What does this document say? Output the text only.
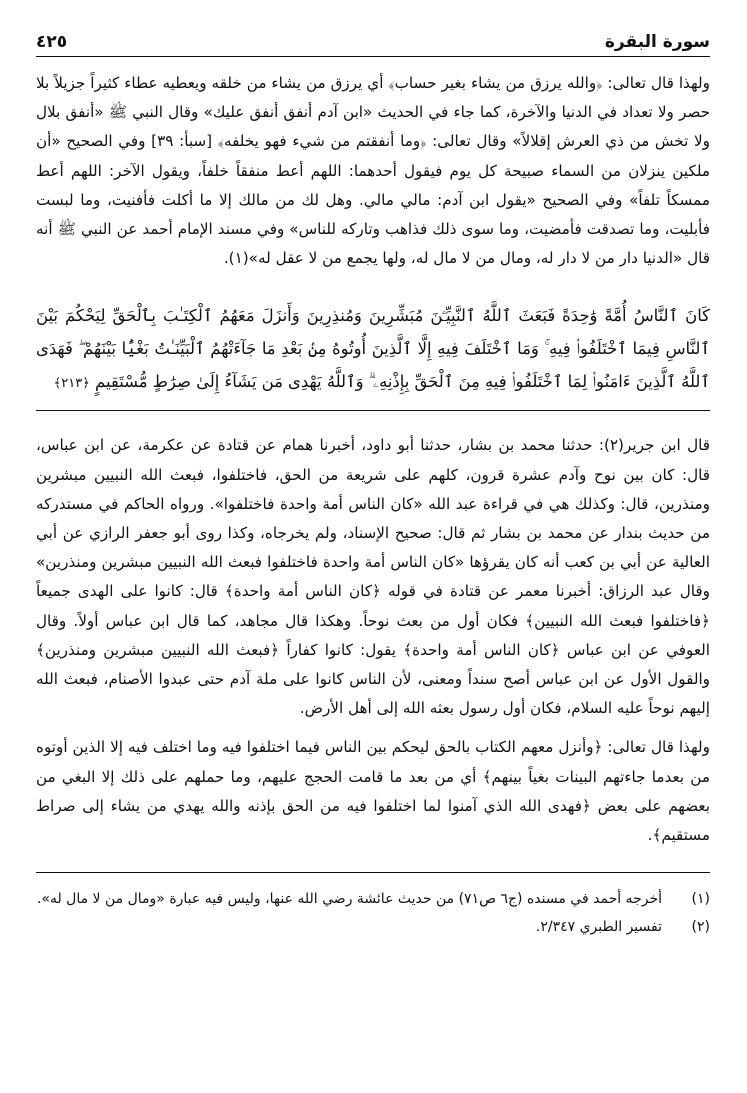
سورة البقرة
٤٢٥

ولهذا قال تعالى: ﴿والله يرزق من يشاء بغير حساب﴾ أي يرزق من يشاء من خلقه ويعطيه عطاء كثيراً جزيلاً بلا حصر ولا تعداد في الدنيا والآخرة، كما جاء في الحديث «ابن آدم أنفق أنفق عليك» وقال النبي ﷺ «أنفق بلال ولا تخش من ذي العرش إقلالاً» وقال تعالى: ﴿وما أنفقتم من شيء فهو يخلفه﴾ [سبأ: ٣٩] وفي الصحيح «أن ملكين ينزلان من السماء صبيحة كل يوم فيقول أحدهما: اللهم أعط منفقاً خلفاً، ويقول الآخر: اللهم أعط ممسكاً تلفاً» وفي الصحيح «يقول ابن آدم: مالي مالي. وهل لك من مالك إلا ما أكلت فأفنيت، وما لبست فأبليت، وما تصدقت فأمضيت، وما سوى ذلك فذاهب وتاركه للناس» وفي مسند الإمام أحمد عن النبي ﷺ أنه قال «الدنيا دار من لا دار له، ومال من لا مال له، ولها يجمع من لا عقل له»(١).

كَانَ ٱلنَّاسُ أُمَّةً وَٰحِدَةً فَبَعَثَ ٱللَّهُ ٱلنَّبِيِّـۧنَ مُبَشِّرِينَ وَمُنذِرِينَ وَأَنزَلَ مَعَهُمُ ٱلْكِتَـٰبَ بِٱلْحَقِّ لِيَحْكُمَ بَيْنَ ٱلنَّاسِ فِيمَا ٱخْتَلَفُوا۟ فِيهِ ۚ وَمَا ٱخْتَلَفَ فِيهِ إِلَّا ٱلَّذِينَ أُوتُوهُ مِنۢ بَعْدِ مَا جَآءَتْهُمُ ٱلْبَيِّنَـٰتُ بَغْيًۢا بَيْنَهُمْ ۖ فَهَدَى ٱللَّهُ ٱلَّذِينَ ءَامَنُوا۟ لِمَا ٱخْتَلَفُوا۟ فِيهِ مِنَ ٱلْحَقِّ بِإِذْنِهِۦ ۗ وَٱللَّهُ يَهْدِى مَن يَشَآءُ إِلَىٰ صِرَٰطٍ مُّسْتَقِيمٍ ﴿٢١٣﴾

قال ابن جرير(٢): حدثنا محمد بن بشار، حدثنا أبو داود، أخبرنا همام عن قتادة عن عكرمة، عن ابن عباس، قال: كان بين نوح وآدم عشرة قرون، كلهم على شريعة من الحق، فاختلفوا، فبعث الله النبيين مبشرين ومنذرين، قال: وكذلك هي في قراءة عبد الله «كان الناس أمة واحدة فاختلفوا». ورواه الحاكم في مستدركه من حديث بندار عن محمد بن بشار ثم قال: صحيح الإسناد، ولم يخرجاه، وكذا روى أبو جعفر الرازي عن أبي العالية عن أبي بن كعب أنه كان يقرؤها «كان الناس أمة واحدة فاختلفوا فبعث الله النبيين مبشرين ومنذرين» وقال عبد الرزاق: أخبرنا معمر عن قتادة في قوله ﴿كان الناس أمة واحدة﴾ قال: كانوا على الهدى جميعاً ﴿فاختلفوا فبعث الله النبيين﴾ فكان أول من بعث نوحاً. وهكذا قال مجاهد، كما قال ابن عباس أولاً. وقال العوفي عن ابن عباس ﴿كان الناس أمة واحدة﴾ يقول: كانوا كفاراً ﴿فبعث الله النبيين مبشرين ومنذرين﴾ والقول الأول عن ابن عباس أصح سنداً ومعنى، لأن الناس كانوا على ملة آدم حتى عبدوا الأصنام، فبعث الله إليهم نوحاً عليه السلام، فكان أول رسول بعثه الله إلى أهل الأرض.

ولهذا قال تعالى: ﴿وأنزل معهم الكتاب بالحق ليحكم بين الناس فيما اختلفوا فيه وما اختلف فيه إلا الذين أوتوه من بعدما جاءتهم البينات بغياً بينهم﴾ أي من بعد ما قامت الحجج عليهم، وما حملهم على ذلك إلا البغي من بعضهم على بعض ﴿فهدى الله الذي آمنوا لما اختلفوا فيه من الحق بإذنه والله يهدي من يشاء إلى صراط مستقيم﴾.

(١)
أخرجه أحمد في مسنده (ج٦ ص٧١) من حديث عائشة رضي الله عنها، وليس فيه عبارة «ومال من لا مال له».
(٢)
تفسير الطبري ٢/٣٤٧.
